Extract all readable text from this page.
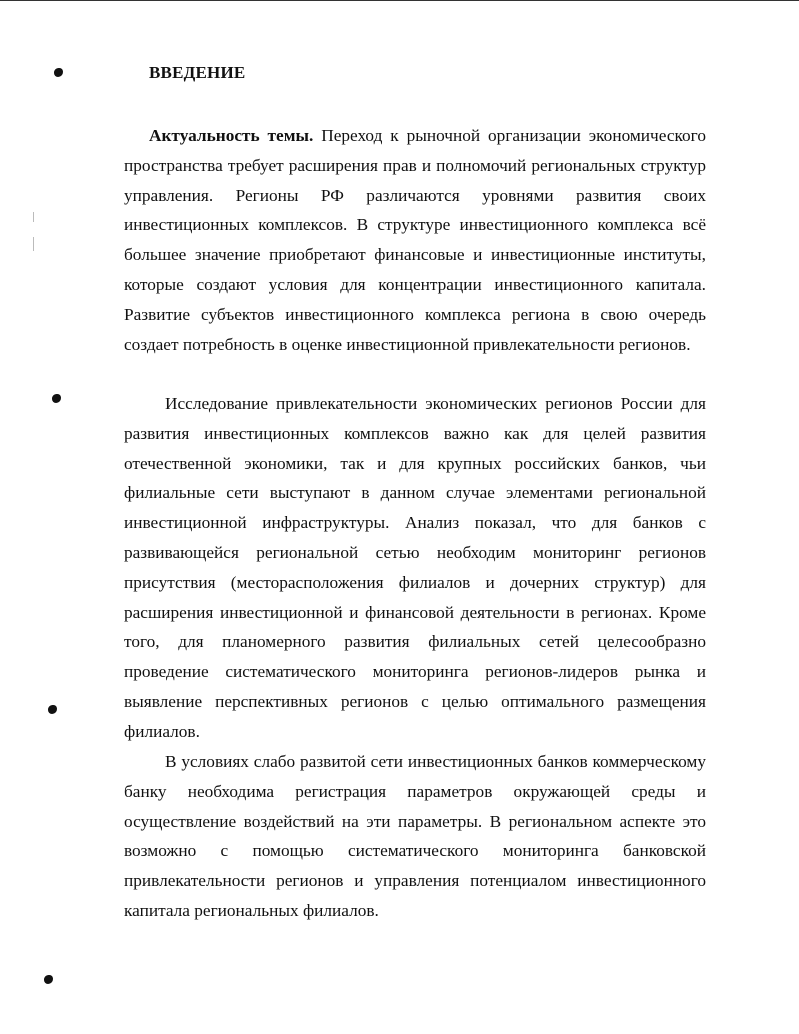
ВВЕДЕНИЕ

Актуальность темы. Переход к рыночной организации экономического пространства требует расширения прав и полномочий региональных структур управления. Регионы РФ различаются уровнями развития своих инвестиционных комплексов. В структуре инвестиционного комплекса всё большее значение приобретают финансовые и инвестиционные институты, которые создают условия для концентрации инвестиционного капитала. Развитие субъектов инвестиционного комплекса региона в свою очередь создает потребность в оценке инвестиционной привлекательности регионов.

Исследование привлекательности экономических регионов России для развития инвестиционных комплексов важно как для целей развития отечественной экономики, так и для крупных российских банков, чьи филиальные сети выступают в данном случае элементами региональной инвестиционной инфраструктуры. Анализ показал, что для банков с развивающейся региональной сетью необходим мониторинг регионов присутствия (месторасположения филиалов и дочерних структур) для расширения инвестиционной и финансовой деятельности в регионах. Кроме того, для планомерного развития филиальных сетей целесообразно проведение систематического мониторинга регионов-лидеров рынка и выявление перспективных регионов с целью оптимального размещения филиалов.

В условиях слабо развитой сети инвестиционных банков коммерческому банку необходима регистрация параметров окружающей среды и осуществление воздействий на эти параметры. В региональном аспекте это возможно с помощью систематического мониторинга банковской привлекательности регионов и управления потенциалом инвестиционного капитала региональных филиалов.
